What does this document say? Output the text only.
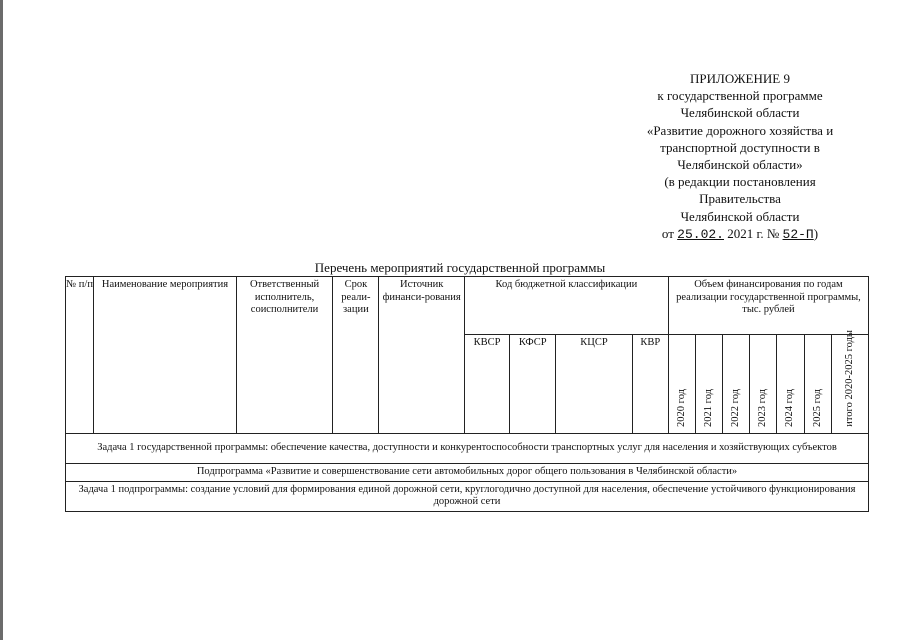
ПРИЛОЖЕНИЕ 9
к государственной программе
Челябинской области
«Развитие дорожного хозяйства и
транспортной доступности в
Челябинской области»
(в редакции постановления
Правительства
Челябинской области
от 25.02. 2021 г. № 52-П)
Перечень мероприятий государственной программы
№ п/п	Наименование мероприятия	Ответственный исполнитель, соисполнители	Срок реали-зации	Источник финанси-рования	Код бюджетной классификации				Объем финансирования по годам реализации государственной программы, тыс. рублей						
					КВСР	КФСР	КЦСР	КВР	2020 год	2021 год	2022 год	2023 год	2024 год	2025 год	итого 2020-2025 годы

Задача 1 государственной программы: обеспечение качества, доступности и конкурентоспособности транспортных услуг для населения и хозяйствующих субъектов															
Подпрограмма «Развитие и совершенствование сети автомобильных дорог общего пользования в Челябинской области»															
Задача 1 подпрограммы: создание условий для формирования единой дорожной сети, круглогодично доступной для населения, обеспечение устойчивого функционирования дорожной сети															
